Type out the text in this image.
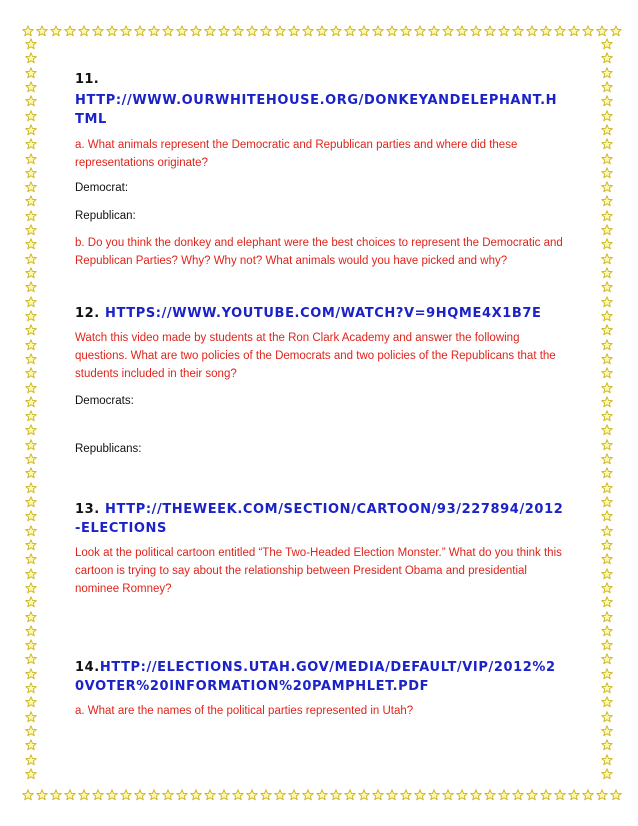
11.
HTTP://WWW.OURWHITEHOUSE.ORG/DONKEYANDELEPHANT.HTML
a. What animals represent the Democratic and Republican parties and where did these representations originate?
Democrat:
Republican:
b. Do you think the donkey and elephant were the best choices to represent the Democratic and Republican Parties? Why? Why not? What animals would you have picked and why?
12. HTTPS://WWW.YOUTUBE.COM/WATCH?V=9HQME4X1B7E
Watch this video made by students at the Ron Clark Academy and answer the following questions. What are two policies of the Democrats and two policies of the Republicans that the students included in their song?
Democrats:
Republicans:
13. HTTP://THEWEEK.COM/SECTION/CARTOON/93/227894/2012-ELECTIONS
Look at the political cartoon entitled “The Two-Headed Election Monster.” What do you think this cartoon is trying to say about the relationship between President Obama and presidential nominee Romney?
14.HTTP://ELECTIONS.UTAH.GOV/MEDIA/DEFAULT/VIP/2012%20VOTER%20INFORMATION%20PAMPHLET.PDF
a. What are the names of the political parties represented in Utah?
